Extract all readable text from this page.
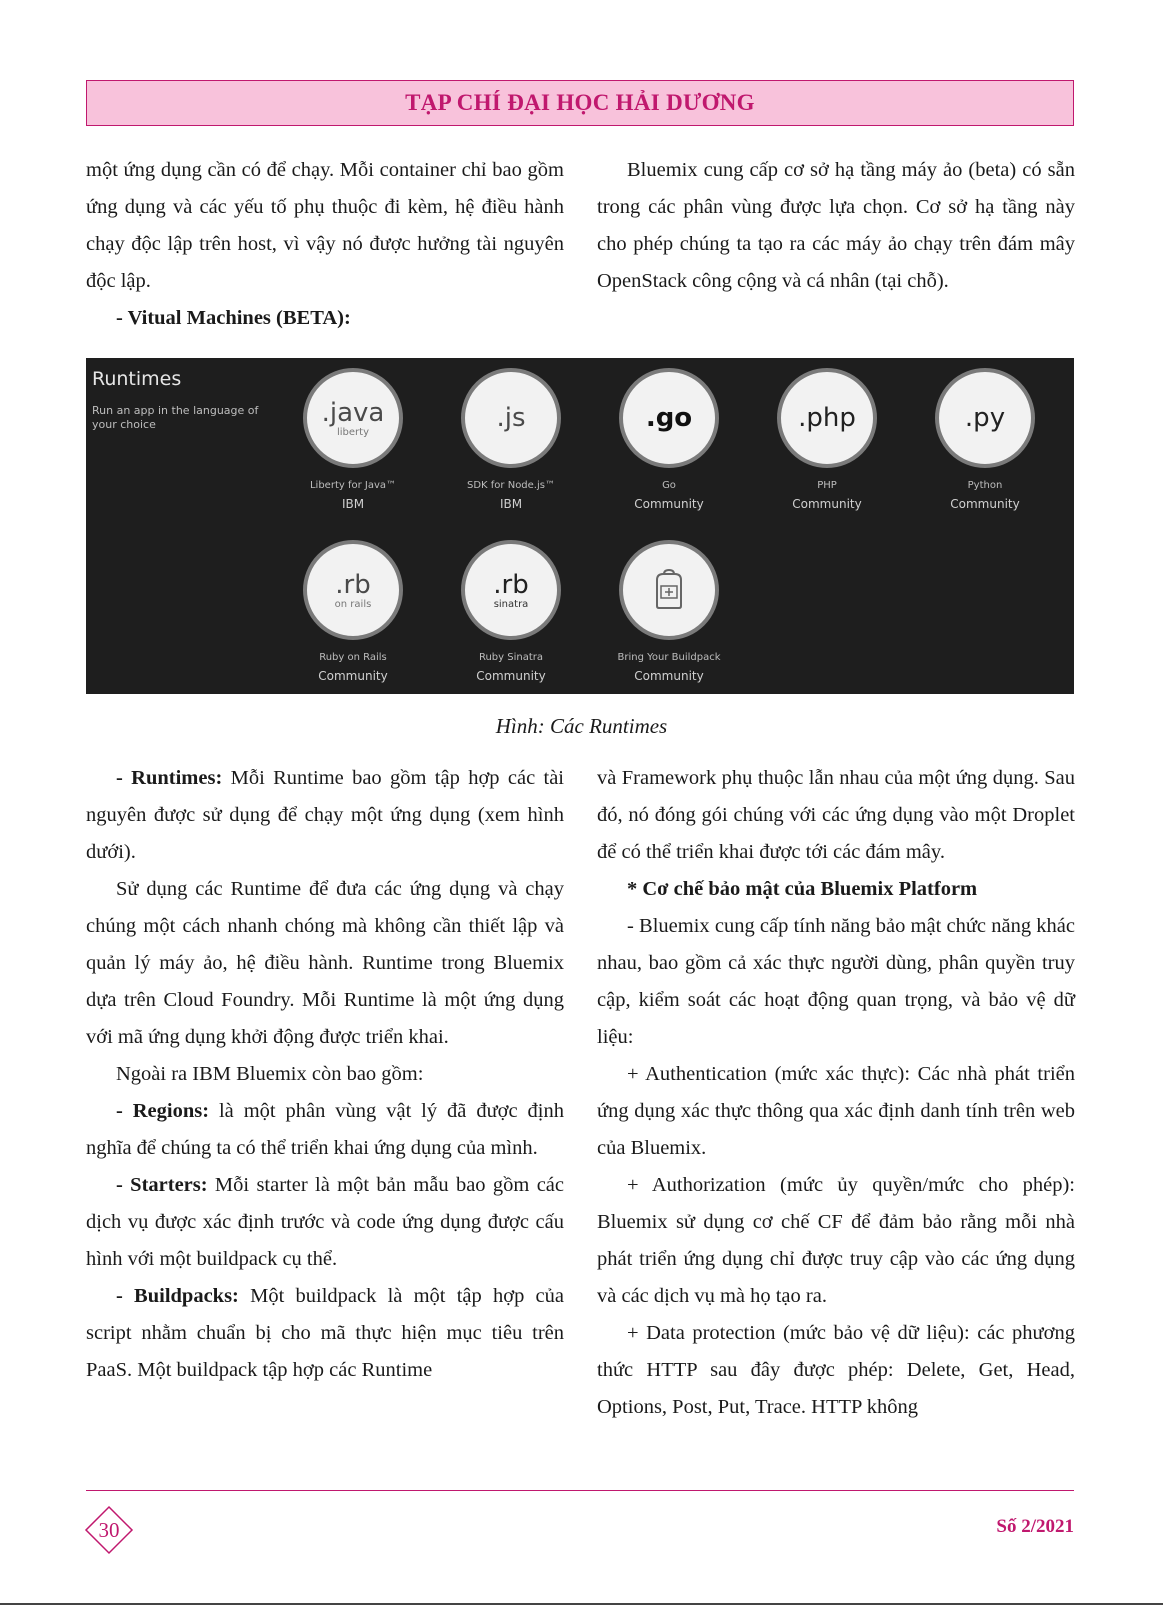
TẠP CHÍ ĐẠI HỌC HẢI DƯƠNG

một ứng dụng cần có để chạy. Mỗi container chỉ bao gồm ứng dụng và các yếu tố phụ thuộc đi kèm, hệ điều hành chạy độc lập trên host, vì vậy nó được hưởng tài nguyên độc lập.

- Vitual Machines (BETA):

Bluemix cung cấp cơ sở hạ tầng máy ảo (beta) có sẵn trong các phân vùng được lựa chọn. Cơ sở hạ tầng này cho phép chúng ta tạo ra các máy ảo chạy trên đám mây OpenStack công cộng và cá nhân (tại chỗ).

Runtimes
Run an app in the language of your choice	.java
liberty
Liberty for Java™
IBM
.js
SDK for Node.js™
IBM
.go
Go
Community
.php
PHP
Community
.py
Python
Community
.rb
on rails
Ruby on Rails
Community
.rb
sinatra
Ruby Sinatra
Community
Bring Your Buildpack
Community
Hình: Các Runtimes

- Runtimes: Mỗi Runtime bao gồm tập hợp các tài nguyên được sử dụng để chạy một ứng dụng (xem hình dưới).

Sử dụng các Runtime để đưa các ứng dụng và chạy chúng một cách nhanh chóng mà không cần thiết lập và quản lý máy ảo, hệ điều hành. Runtime trong Bluemix dựa trên Cloud Foundry. Mỗi Runtime là một ứng dụng với mã ứng dụng khởi động được triển khai.

Ngoài ra IBM Bluemix còn bao gồm:

- Regions: là một phân vùng vật lý đã được định nghĩa để chúng ta có thể triển khai ứng dụng của mình.

- Starters: Mỗi starter là một bản mẫu bao gồm các dịch vụ được xác định trước và code ứng dụng được cấu hình với một buildpack cụ thể.

- Buildpacks: Một buildpack là một tập hợp của script nhằm chuẩn bị cho mã thực hiện mục tiêu trên PaaS. Một buildpack tập hợp các Runtime

và Framework phụ thuộc lẫn nhau của một ứng dụng. Sau đó, nó đóng gói chúng với các ứng dụng vào một Droplet để có thể triển khai được tới các đám mây.

* Cơ chế bảo mật của Bluemix Platform

- Bluemix cung cấp tính năng bảo mật chức năng khác nhau, bao gồm cả xác thực người dùng, phân quyền truy cập, kiểm soát các hoạt động quan trọng, và bảo vệ dữ liệu:

+ Authentication (mức xác thực): Các nhà phát triển ứng dụng xác thực thông qua xác định danh tính trên web của Bluemix.

+ Authorization (mức ủy quyền/mức cho phép): Bluemix sử dụng cơ chế CF để đảm bảo rằng mỗi nhà phát triển ứng dụng chỉ được truy cập vào các ứng dụng và các dịch vụ mà họ tạo ra.

+ Data protection (mức bảo vệ dữ liệu): các phương thức HTTP sau đây được phép: Delete, Get, Head, Options, Post, Put, Trace. HTTP không

30	Số 2/2021
